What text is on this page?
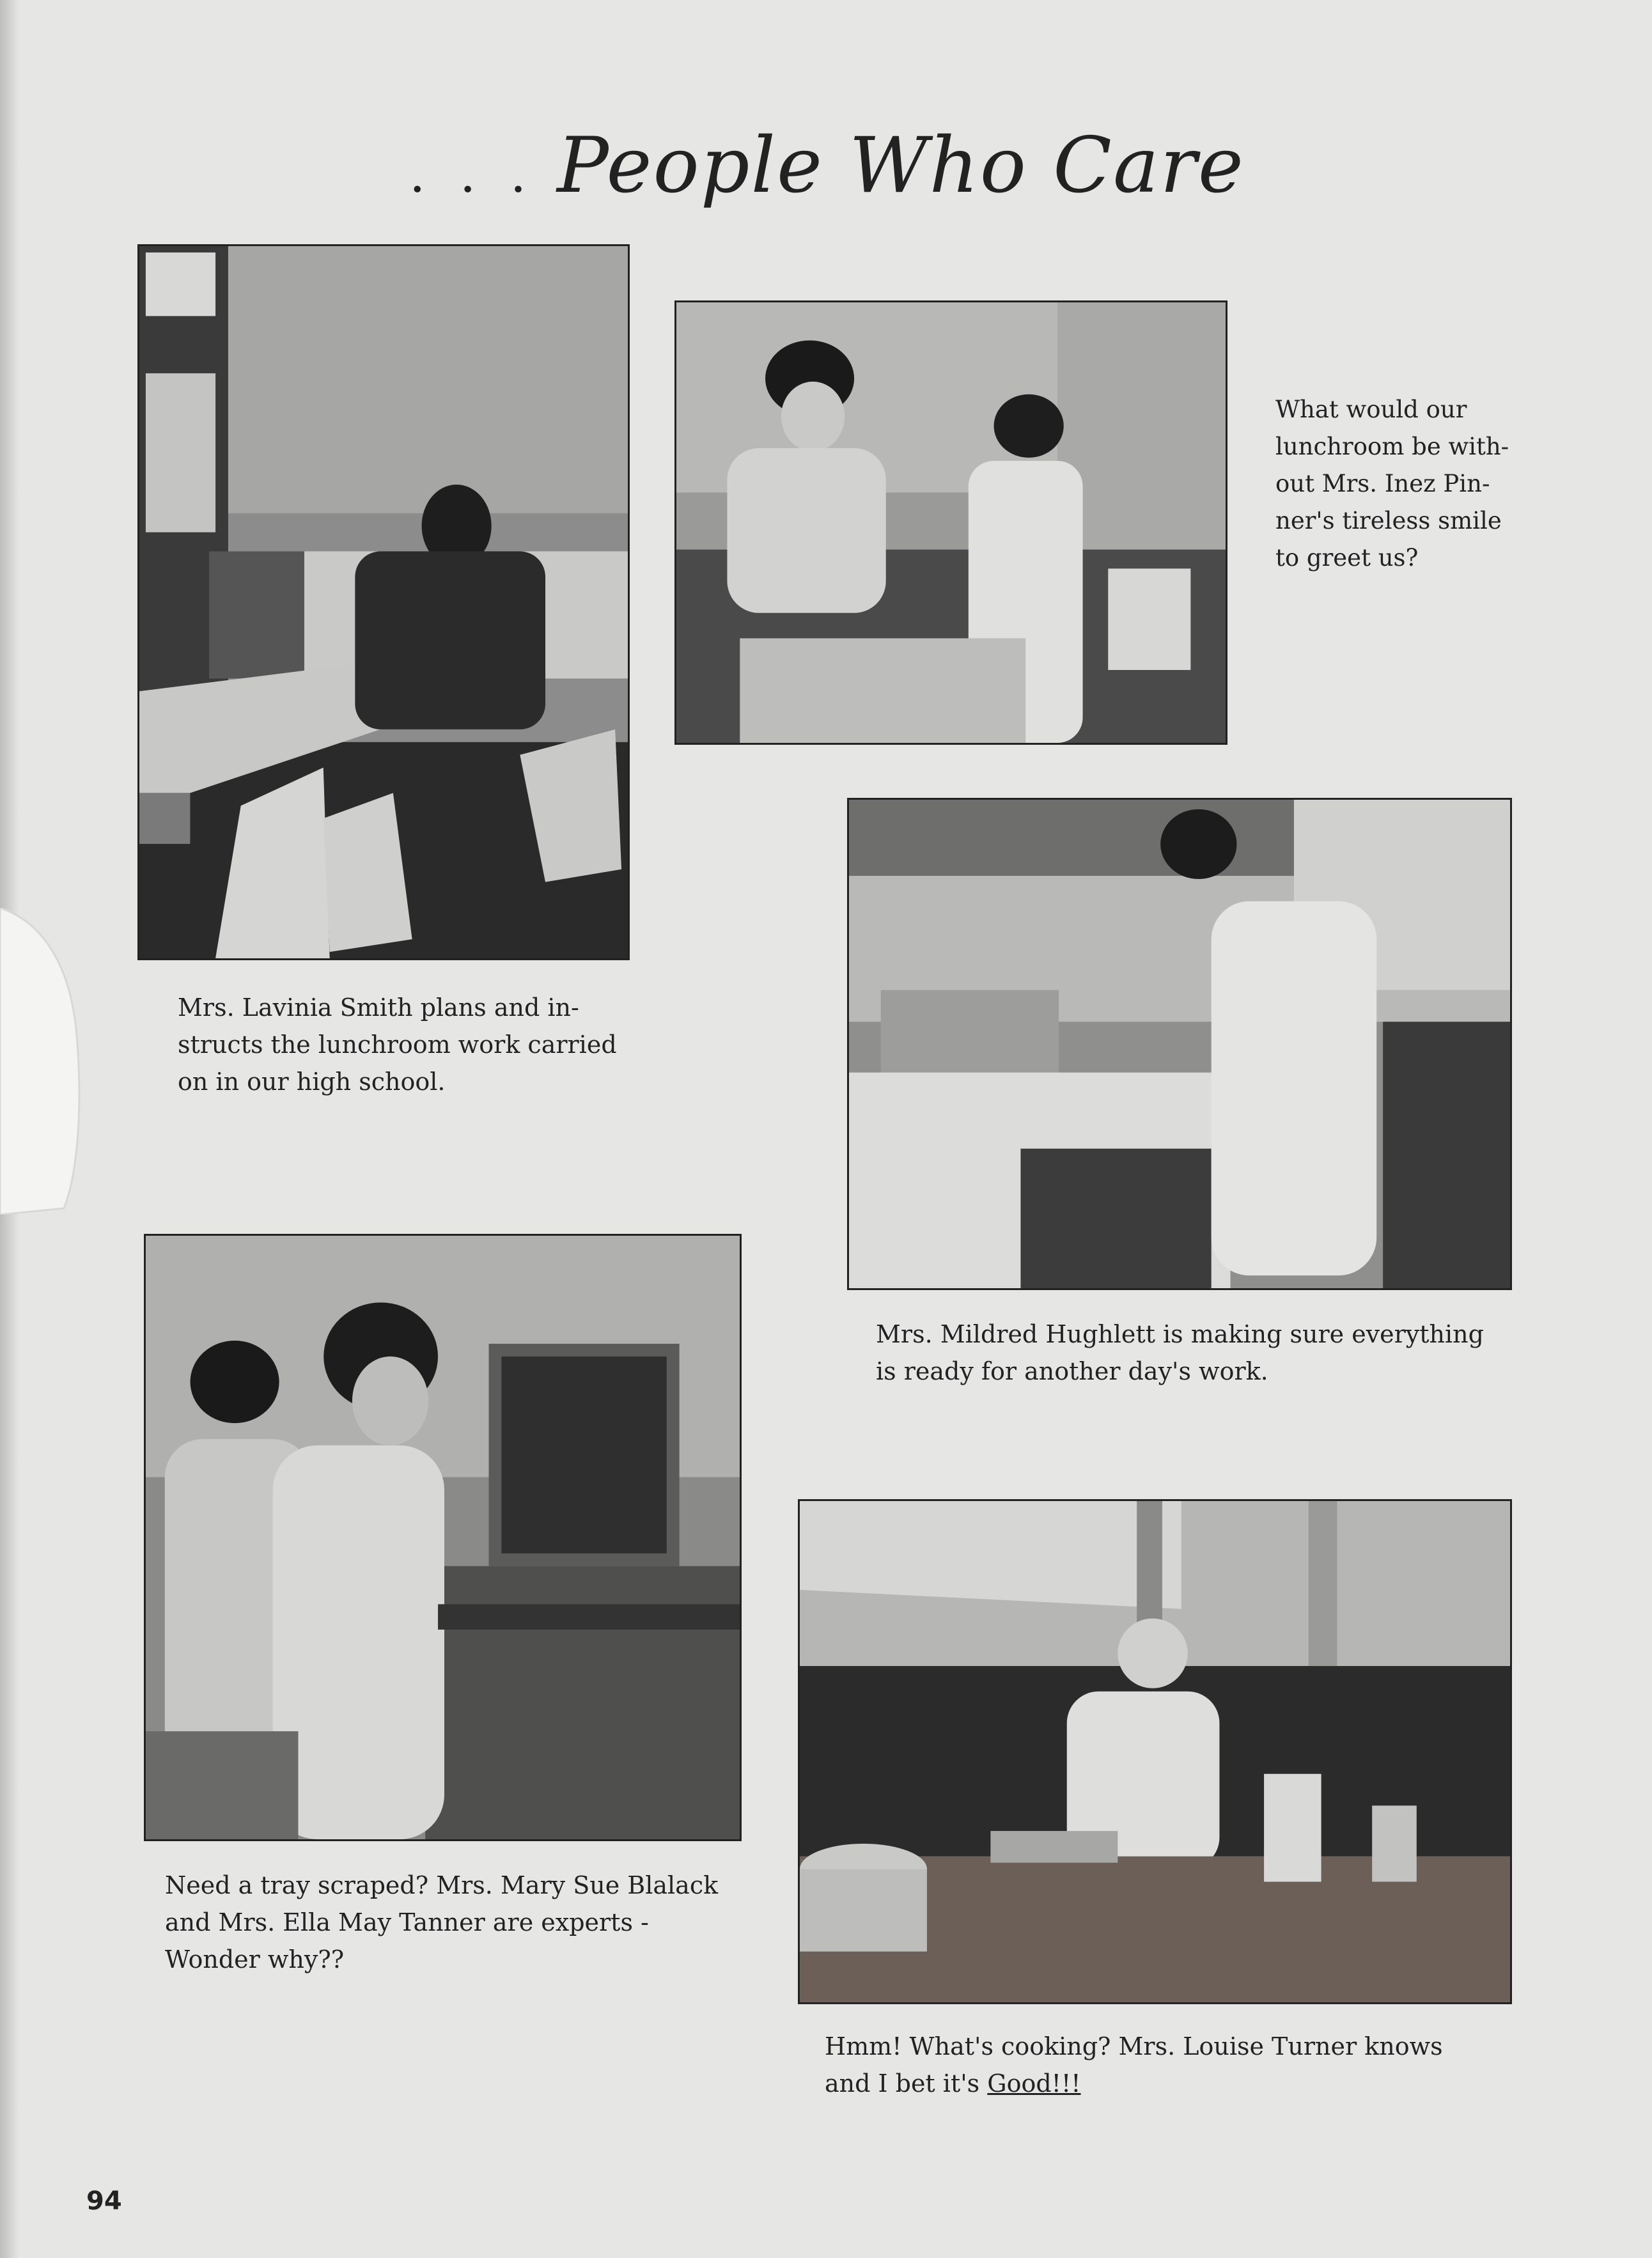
. . . People Who Care
What would our
lunchroom be with-
out Mrs. Inez Pin-
ner's tireless smile
to greet us?
Mrs. Lavinia Smith plans and in-
structs the lunchroom work carried
on in our high school.
Mrs. Mildred Hughlett is making sure everything
is ready for another day's work.
Need a tray scraped? Mrs. Mary Sue Blalack
and Mrs. Ella May Tanner are experts -
Wonder why??
Hmm! What's cooking? Mrs. Louise Turner knows
and I bet it's Good!!!
94
